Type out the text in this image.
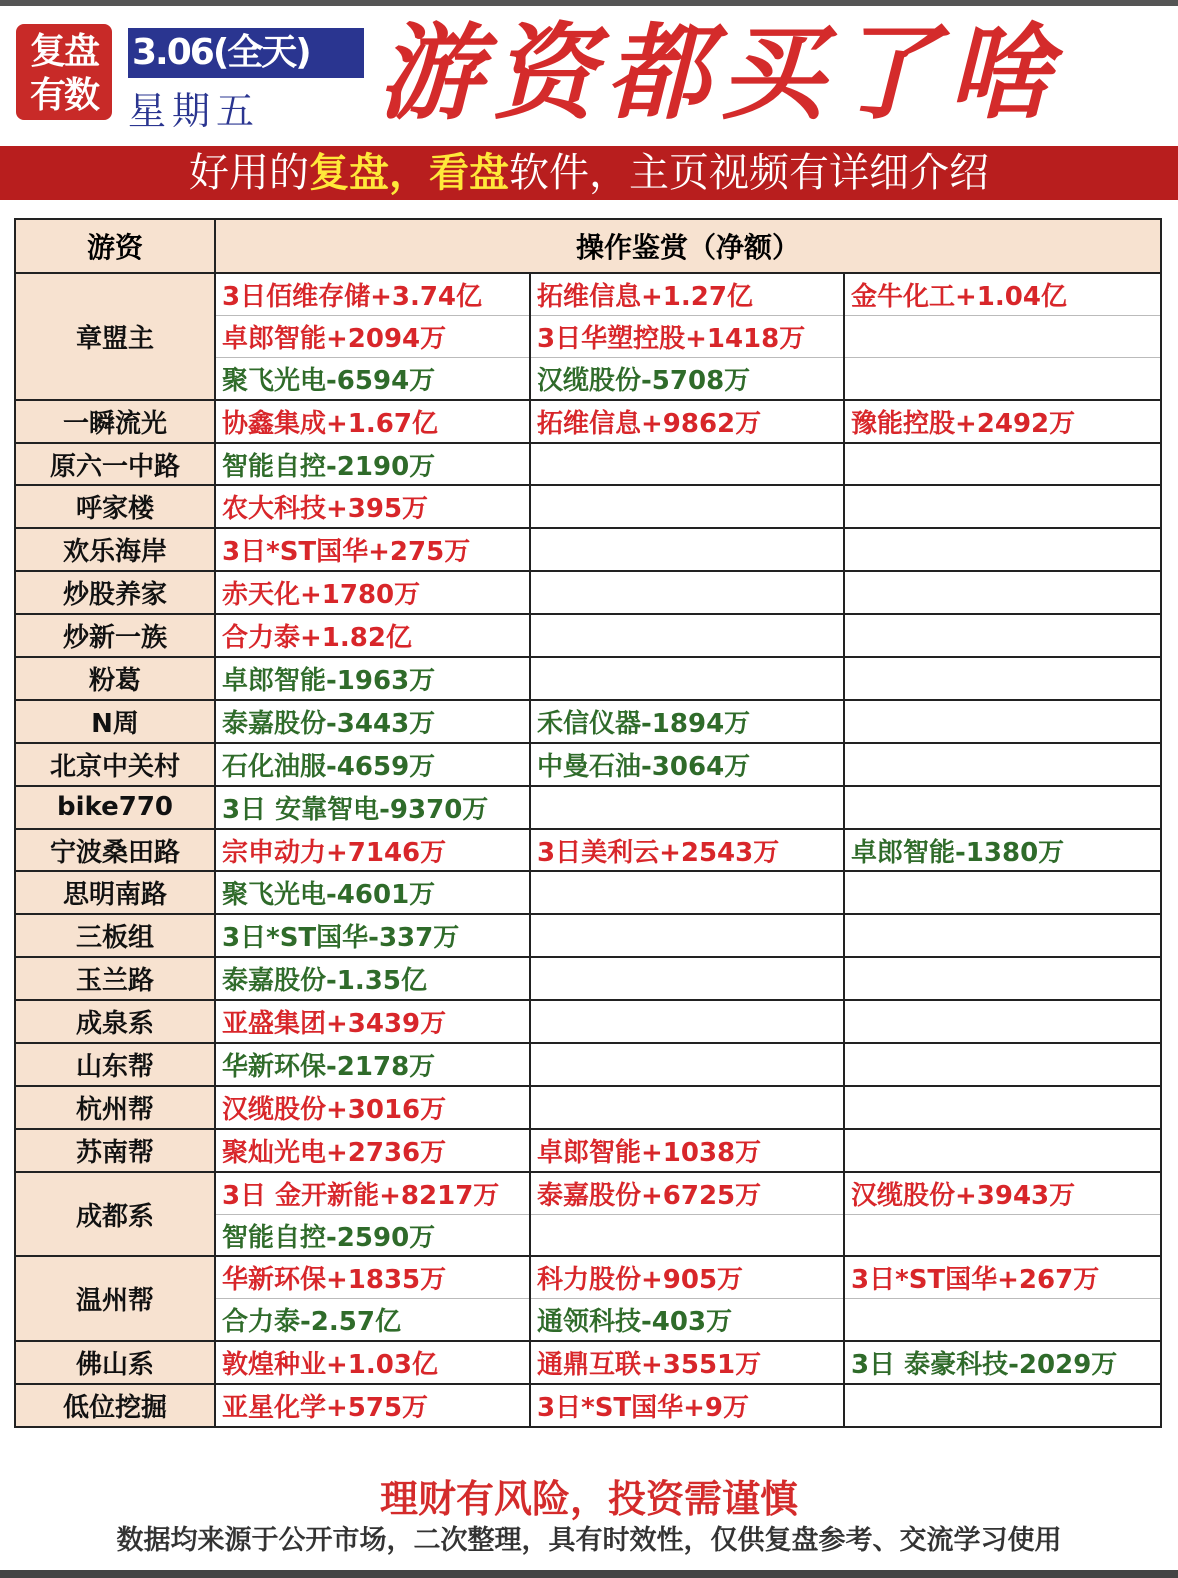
复盘有数
3.06(全天)
星期五 游资都买了啥
好用的复盘，看盘软件，主页视频有详细介绍
游资	操作鉴赏（净额）		
章盟主	3日佰维存储+3.74亿	拓维信息+1.27亿	金牛化工+1.04亿
	卓郎智能+2094万	3日华塑控股+1418万	
	聚飞光电-6594万	汉缆股份-5708万	
一瞬流光	协鑫集成+1.67亿	拓维信息+9862万	豫能控股+2492万
原六一中路	智能自控-2190万		
呼家楼	农大科技+395万		
欢乐海岸	3日*ST国华+275万		
炒股养家	赤天化+1780万		
炒新一族	合力泰+1.82亿		
粉葛	卓郎智能-1963万		
N周	泰嘉股份-3443万	禾信仪器-1894万	
北京中关村	石化油服-4659万	中曼石油-3064万	
bike770	3日 安靠智电-9370万		
宁波桑田路	宗申动力+7146万	3日美利云+2543万	卓郎智能-1380万
思明南路	聚飞光电-4601万		
三板组	3日*ST国华-337万		
玉兰路	泰嘉股份-1.35亿		
成泉系	亚盛集团+3439万		
山东帮	华新环保-2178万		
杭州帮	汉缆股份+3016万		
苏南帮	聚灿光电+2736万	卓郎智能+1038万	
成都系	3日 金开新能+8217万	泰嘉股份+6725万	汉缆股份+3943万
	智能自控-2590万		
温州帮	华新环保+1835万	科力股份+905万	3日*ST国华+267万
	合力泰-2.57亿	通领科技-403万	
佛山系	敦煌种业+1.03亿	通鼎互联+3551万	3日 泰豪科技-2029万
低位挖掘	亚星化学+575万	3日*ST国华+9万	
理财有风险，投资需谨慎
数据均来源于公开市场，二次整理，具有时效性，仅供复盘参考、交流学习使用
